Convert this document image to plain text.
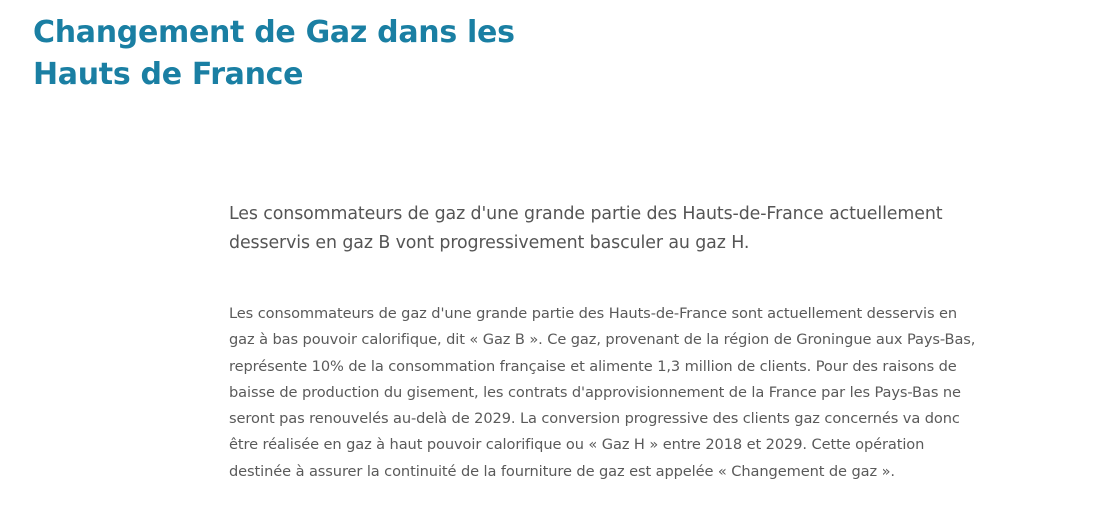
Changement de Gaz dans les
Hauts de France

Les consommateurs de gaz d'une grande partie des Hauts-de-France actuellement
desservis en gaz B vont progressivement basculer au gaz H.

Les consommateurs de gaz d'une grande partie des Hauts-de-France sont actuellement desservis en
gaz à bas pouvoir calorifique, dit « Gaz B ». Ce gaz, provenant de la région de Groningue aux Pays-Bas,
représente 10% de la consommation française et alimente 1,3 million de clients. Pour des raisons de
baisse de production du gisement, les contrats d'approvisionnement de la France par les Pays-Bas ne
seront pas renouvelés au-delà de 2029. La conversion progressive des clients gaz concernés va donc
être réalisée en gaz à haut pouvoir calorifique ou « Gaz H » entre 2018 et 2029. Cette opération
destinée à assurer la continuité de la fourniture de gaz est appelée « Changement de gaz ».
